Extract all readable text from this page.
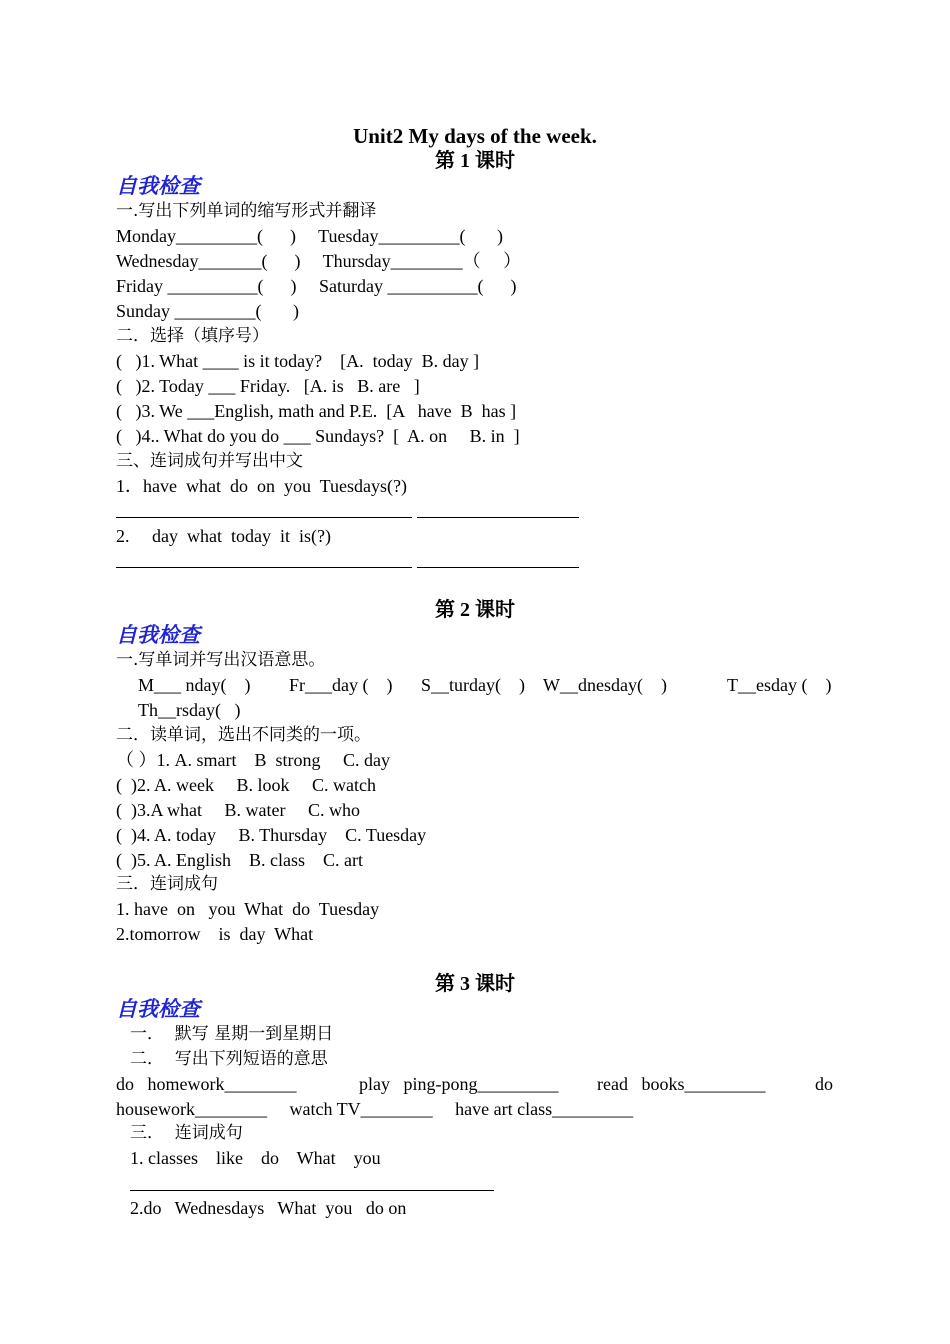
Unit2 My days of the week.
第 1 课时
自我检查
一.写出下列单词的缩写形式并翻译
Monday_________(      )     Tuesday_________(       )
Wednesday_______(      )     Thursday________（     ）
Friday __________(      )     Saturday __________(      )
Sunday _________(       )
二．选择（填序号）
(   )1. What ____ is it today?    [A.  today  B. day ]
(   )2. Today ___ Friday.   [A. is   B. are   ]
(   )3. We ___English, math and P.E.  [A   have  B  has ]
(   )4.. What do you do ___ Sundays?  [  A. on     B. in  ]
三、连词成句并写出中文
1．have  what  do  on  you  Tuesdays(?)
2.     day  what  today  it  is(?)
第 2 课时
自我检查
一.写单词并写出汉语意思。
M___ nday(    ) Fr___day (    ) S__turday(    ) W__dnesday(    )	T__esday (    )
Th__rsday(   )
二．读单词，选出不同类的一项。
（ ）1. A. smart    B  strong     C. day
(  )2. A. week     B. look     C. watch
(  )3.A what     B. water     C. who
(  )4. A. today     B. Thursday    C. Tuesday
(  )5. A. English    B. class    C. art
三．连词成句
1. have  on   you  What  do  Tuesday
2.tomorrow    is  day  What
第 3 课时
自我检查
一．  默写 星期一到星期日
二．  写出下列短语的意思
do   homework________	play   ping-pong_________ read   books_________	do
housework________     watch TV________     have art class_________
三．  连词成句
1. classes    like    do    What    you
2.do   Wednesdays   What  you   do on
